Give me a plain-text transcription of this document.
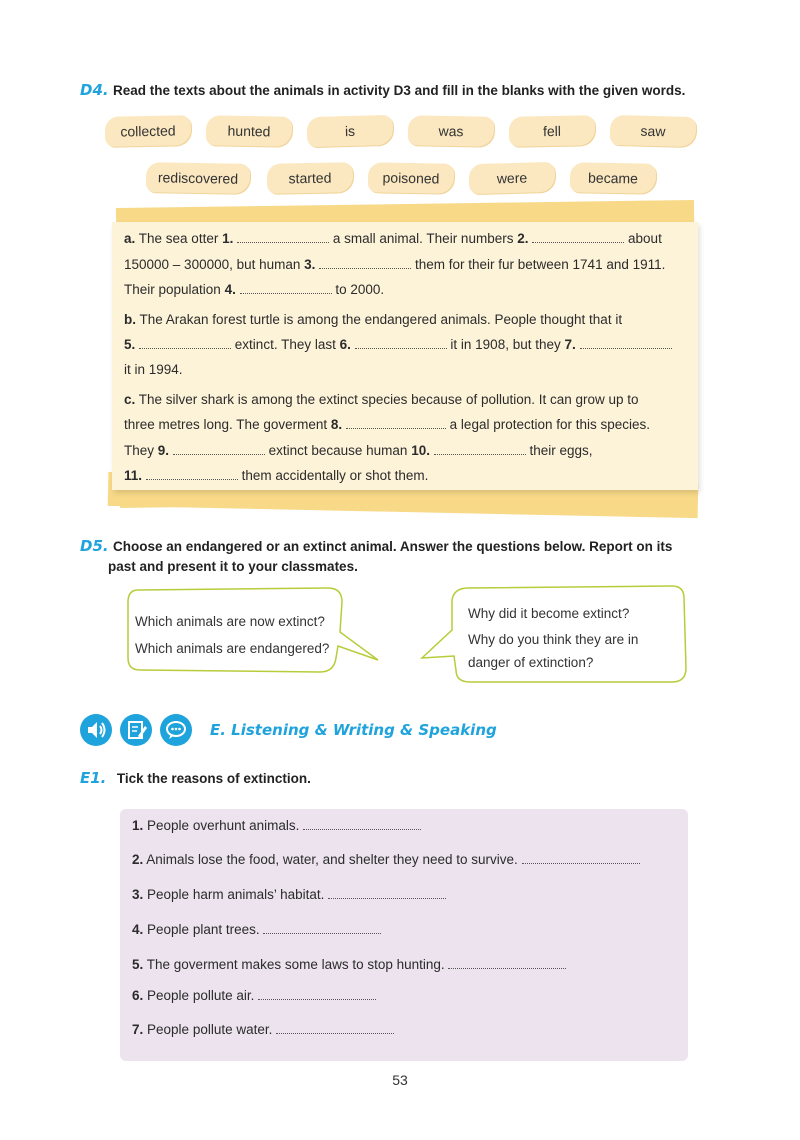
D4. Read the texts about the animals in activity D3 and fill in the blanks with the given words.
collected	hunted	is	was	fell	saw
rediscovered	started	poisoned	were	became
a. The sea otter 1.	a small animal. Their numbers 2.	about
150000 – 300000, but human 3.	them for their fur between 1741 and 1911.
Their population 4.	to 2000.
b. The Arakan forest turtle is among the endangered animals. People thought that it
5.	extinct. They last 6.	it in 1908, but they 7.
it in 1994.
c. The silver shark is among the extinct species because of pollution. It can grow up to
three metres long. The goverment 8.	a legal protection for this species.
They 9.	extinct because human 10.	their eggs,
11.	them accidentally or shot them.
D5. Choose an endangered or an extinct animal. Answer the questions below. Report on its
past and present it to your classmates.
Which animals are now extinct?
Which animals are endangered?
Why did it become extinct?
Why do you think they are in
danger of extinction?
E. Listening & Writing & Speaking
E1. Tick the reasons of extinction.
1. People overhunt animals.
2. Animals lose the food, water, and shelter they need to survive.
3. People harm animals’ habitat.
4. People plant trees.
5. The goverment makes some laws to stop hunting.
6. People pollute air.
7. People pollute water.
53
